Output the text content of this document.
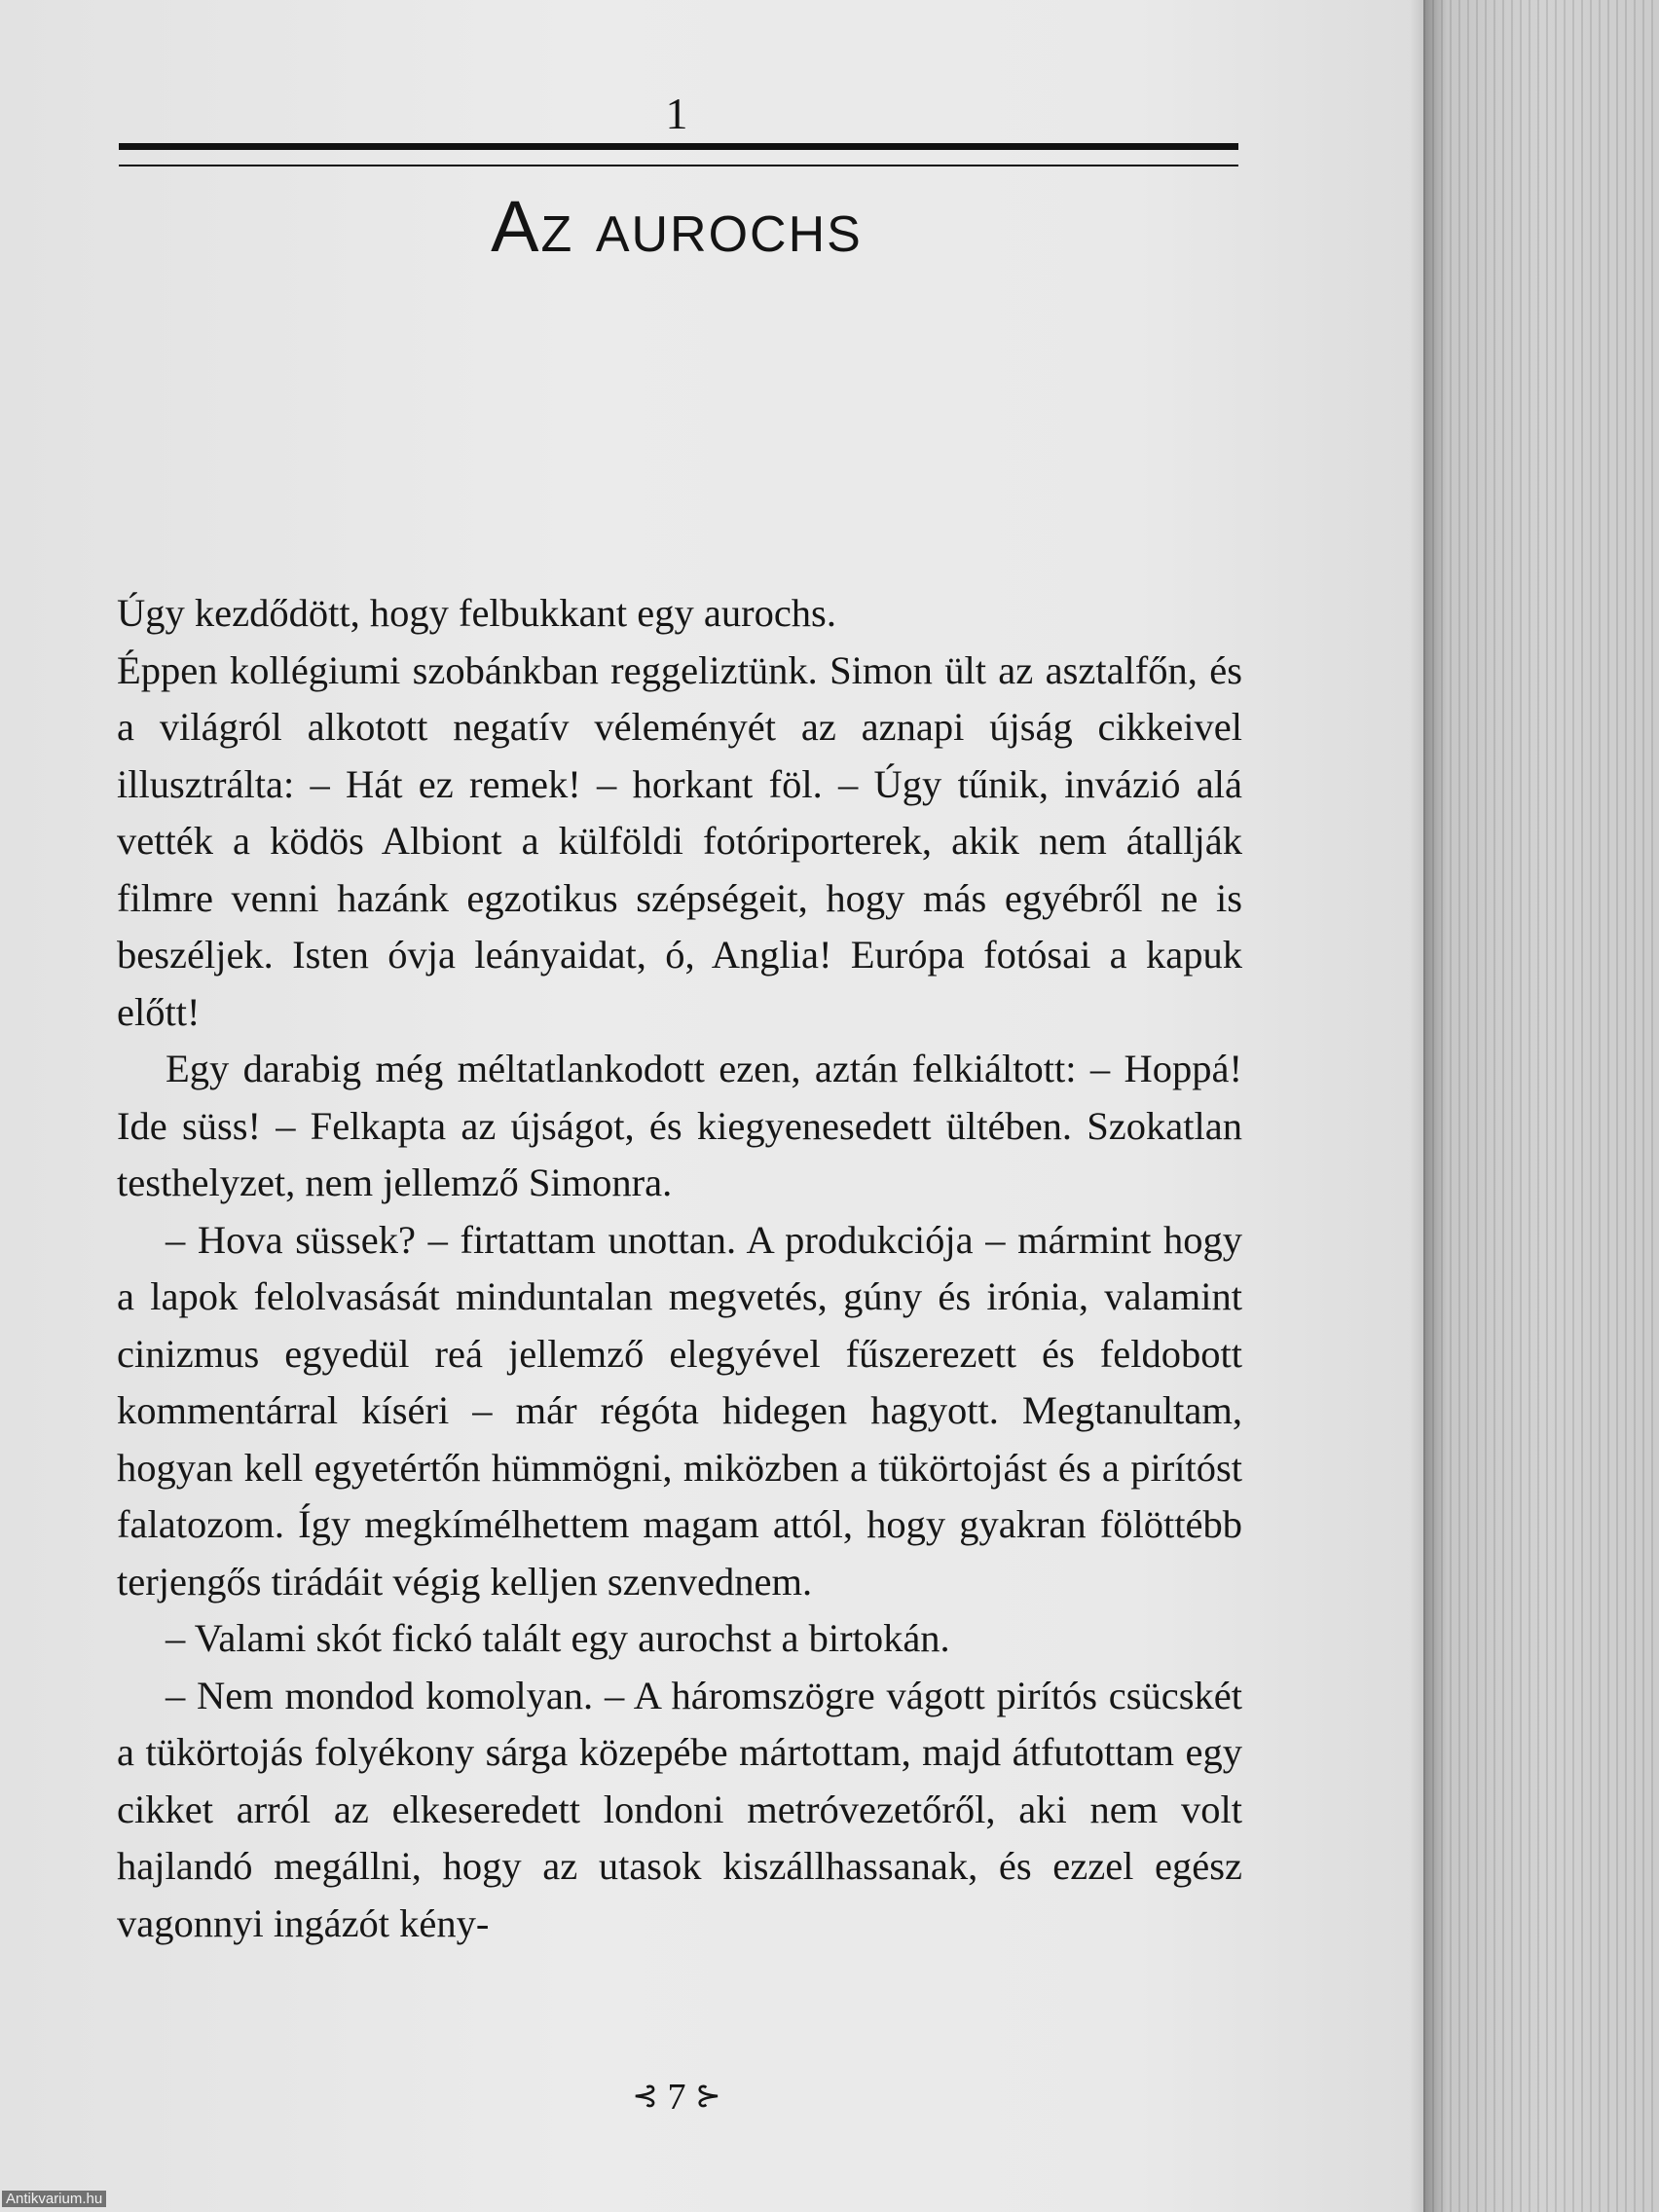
1
Az aurochs

Úgy kezdődött, hogy felbukkant egy aurochs.

Éppen kollégiumi szobánkban reggeliztünk. Simon ült az asztalfőn, és a világról alkotott negatív véleményét az aznapi újság cikkeivel illusztrálta: – Hát ez remek! – horkant föl. – Úgy tűnik, invázió alá vették a ködös Albiont a külföldi fotóriporterek, akik nem átallják filmre venni hazánk egzotikus szépségeit, hogy más egyébről ne is beszéljek. Isten óvja leányaidat, ó, Anglia! Európa fotósai a kapuk előtt!

Egy darabig még méltatlankodott ezen, aztán felkiáltott: – Hoppá! Ide süss! – Felkapta az újságot, és kiegyenesedett ültében. Szokatlan testhelyzet, nem jellemző Simonra.

– Hova süssek? – firtattam unottan. A produkciója – mármint hogy a lapok felolvasását minduntalan megvetés, gúny és irónia, valamint cinizmus egyedül reá jellemző elegyével fűszerezett és feldobott kommentárral kíséri – már régóta hidegen hagyott. Megtanultam, hogyan kell egyetértőn hümmögni, miközben a tükörtojást és a pirítóst falatozom. Így megkímélhettem magam attól, hogy gyakran fölöttébb terjengős tirádáit végig kelljen szenvednem.

– Valami skót fickó talált egy aurochst a birtokán.

– Nem mondod komolyan. – A háromszögre vágott pirítós csücskét a tükörtojás folyékony sárga közepébe mártottam, majd átfutottam egy cikket arról az elkeseredett londoni metróvezetőről, aki nem volt hajlandó megállni, hogy az utasok kiszállhassanak, és ezzel egész vagonnyi ingázót kény-

⊰ 7 ⊱
Antikvarium.hu
